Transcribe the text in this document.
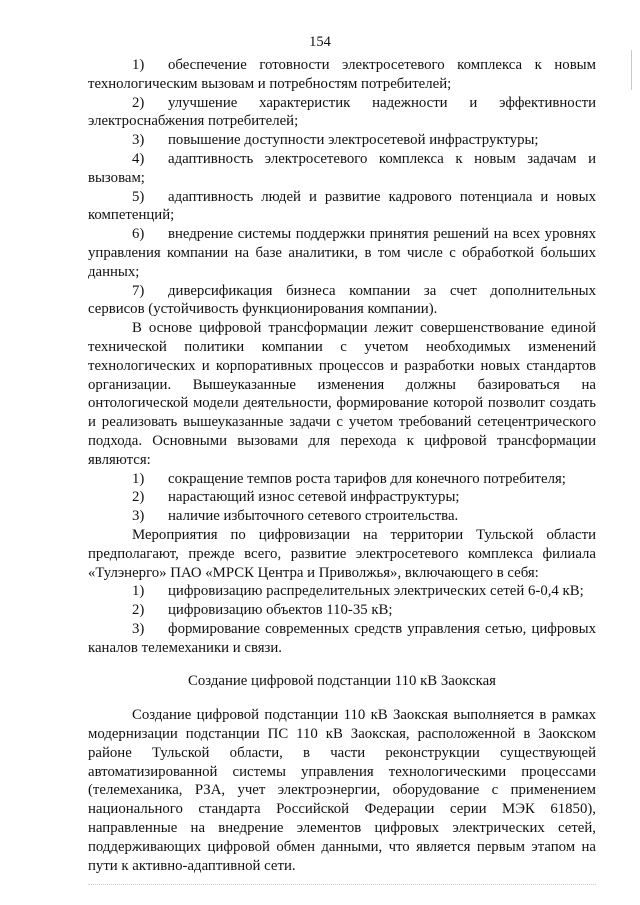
154
1) обеспечение готовности электросетевого комплекса к новым технологическим вызовам и потребностям потребителей;
2) улучшение характеристик надежности и эффективности электроснабжения потребителей;
3) повышение доступности электросетевой инфраструктуры;
4) адаптивность электросетевого комплекса к новым задачам и вызовам;
5) адаптивность людей и развитие кадрового потенциала и новых компетенций;
6) внедрение системы поддержки принятия решений на всех уровнях управления компании на базе аналитики, в том числе с обработкой больших данных;
7) диверсификация бизнеса компании за счет дополнительных сервисов (устойчивость функционирования компании).
В основе цифровой трансформации лежит совершенствование единой технической политики компании с учетом необходимых изменений технологических и корпоративных процессов и разработки новых стандартов организации. Вышеуказанные изменения должны базироваться на онтологической модели деятельности, формирование которой позволит создать и реализовать вышеуказанные задачи с учетом требований сетецентрического подхода. Основными вызовами для перехода к цифровой трансформации являются:
1) сокращение темпов роста тарифов для конечного потребителя;
2) нарастающий износ сетевой инфраструктуры;
3) наличие избыточного сетевого строительства.
Мероприятия по цифровизации на территории Тульской области предполагают, прежде всего, развитие электросетевого комплекса филиала «Тулэнерго» ПАО «МРСК Центра и Приволжья», включающего в себя:
1) цифровизацию распределительных электрических сетей 6-0,4 кВ;
2) цифровизацию объектов 110-35 кВ;
3) формирование современных средств управления сетью, цифровых каналов телемеханики и связи.
Создание цифровой подстанции 110 кВ Заокская
Создание цифровой подстанции 110 кВ Заокская выполняется в рамках модернизации подстанции ПС 110 кВ Заокская, расположенной в Заокском районе Тульской области, в части реконструкции существующей автоматизированной системы управления технологическими процессами (телемеханика, РЗА, учет электроэнергии, оборудование с применением национального стандарта Российской Федерации серии МЭК 61850), направленные на внедрение элементов цифровых электрических сетей, поддерживающих цифровой обмен данными, что является первым этапом на пути к активно-адаптивной сети.
